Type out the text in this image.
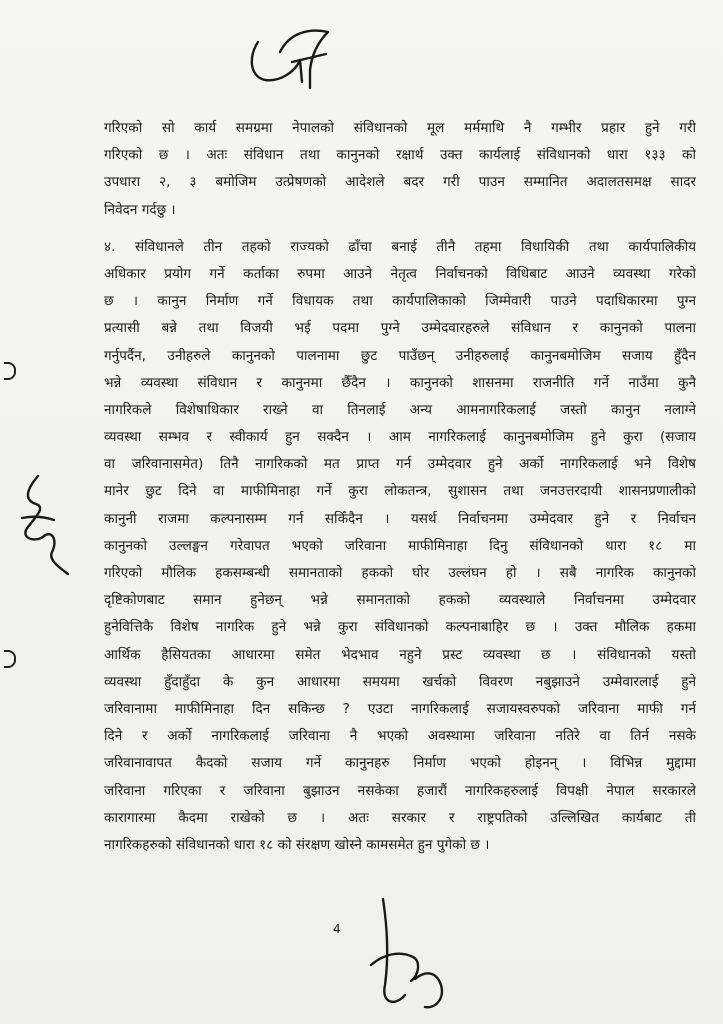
गरिएको सो कार्य समग्रमा नेपालको संविधानको मूल मर्ममाथि नै गम्भीर प्रहार हुने गरी
गरिएको छ । अतः संविधान तथा कानुनको रक्षार्थ उक्त कार्यलाई संविधानको धारा १३३ को
उपधारा २, ३ बमोजिम उत्प्रेषणको आदेशले बदर गरी पाउन सम्मानित अदालतसमक्ष सादर
निवेदन गर्दछु ।
४. संविधानले तीन तहको राज्यको ढाँचा बनाई तीनै तहमा विधायिकी तथा कार्यपालिकीय
अधिकार प्रयोग गर्ने कर्ताका रुपमा आउने नेतृत्व निर्वाचनको विधिबाट आउने व्यवस्था गरेको
छ । कानुन निर्माण गर्ने विधायक तथा कार्यपालिकाको जिम्मेवारी पाउने पदाधिकारमा पुग्न
प्रत्यासी बन्ने तथा विजयी भई पदमा पुग्ने उम्मेदवारहरुले संविधान र कानुनको पालना
गर्नुपर्दैन, उनीहरुले कानुनको पालनामा छुट पाउँछन् उनीहरुलाई कानुनबमोजिम सजाय हुँदैन
भन्ने व्यवस्था संविधान र कानुनमा छैँदैन । कानुनको शासनमा राजनीति गर्ने नाउँमा कुनै
नागरिकले विशेषाधिकार राख्ने वा तिनलाई अन्य आमनागरिकलाई जस्तो कानुन नलाग्ने
व्यवस्था सम्भव र स्वीकार्य हुन सक्दैन । आम नागरिकलाई कानुनबमोजिम हुने कुरा (सजाय
वा जरिवानासमेत) तिनै नागरिकको मत प्राप्त गर्न उम्मेदवार हुने अर्को नागरिकलाई भने विशेष
मानेर छुट दिने वा माफीमिनाहा गर्ने कुरा लोकतन्त्र, सुशासन तथा जनउत्तरदायी शासनप्रणालीको
कानुनी राजमा कल्पनासम्म गर्न सकिँदैन । यसर्थ निर्वाचनमा उम्मेदवार हुने र निर्वाचन
कानुनको उल्लङ्घन गरेवापत भएको जरिवाना माफीमिनाहा दिनु संविधानको धारा १८ मा
गरिएको मौलिक हकसम्बन्धी समानताको हकको घोर उल्लंघन हो । सबै नागरिक कानुनको
दृष्टिकोणबाट समान हुनेछन् भन्ने समानताको हकको व्यवस्थाले निर्वाचनमा उम्मेदवार
हुनेवित्तिकै विशेष नागरिक हुने भन्ने कुरा संविधानको कल्पनाबाहिर छ । उक्त मौलिक हकमा
आर्थिक हैसियतका आधारमा समेत भेदभाव नहुने प्रस्ट व्यवस्था छ । संविधानको यस्तो
व्यवस्था हुँदाहुँदा के कुन आधारमा समयमा खर्चको विवरण नबुझाउने उम्मेवारलाई हुने
जरिवानामा माफीमिनाहा दिन सकिन्छ ? एउटा नागरिकलाई सजायस्वरुपको जरिवाना माफी गर्न
दिने र अर्को नागरिकलाई जरिवाना नै भएको अवस्थामा जरिवाना नतिरे वा तिर्न नसके
जरिवानावापत कैदको सजाय गर्ने कानुनहरु निर्माण भएको होइनन् । विभिन्न मुद्दामा
जरिवाना गरिएका र जरिवाना बुझाउन नसकेका हजारौं नागरिकहरुलाई विपक्षी नेपाल सरकारले
कारागारमा कैदमा राखेको छ । अतः सरकार र राष्ट्रपतिको उल्लिखित कार्यबाट ती
नागरिकहरुको संविधानको धारा १८ को संरक्षण खोस्ने कामसमेत हुन पुगेको छ ।
4
